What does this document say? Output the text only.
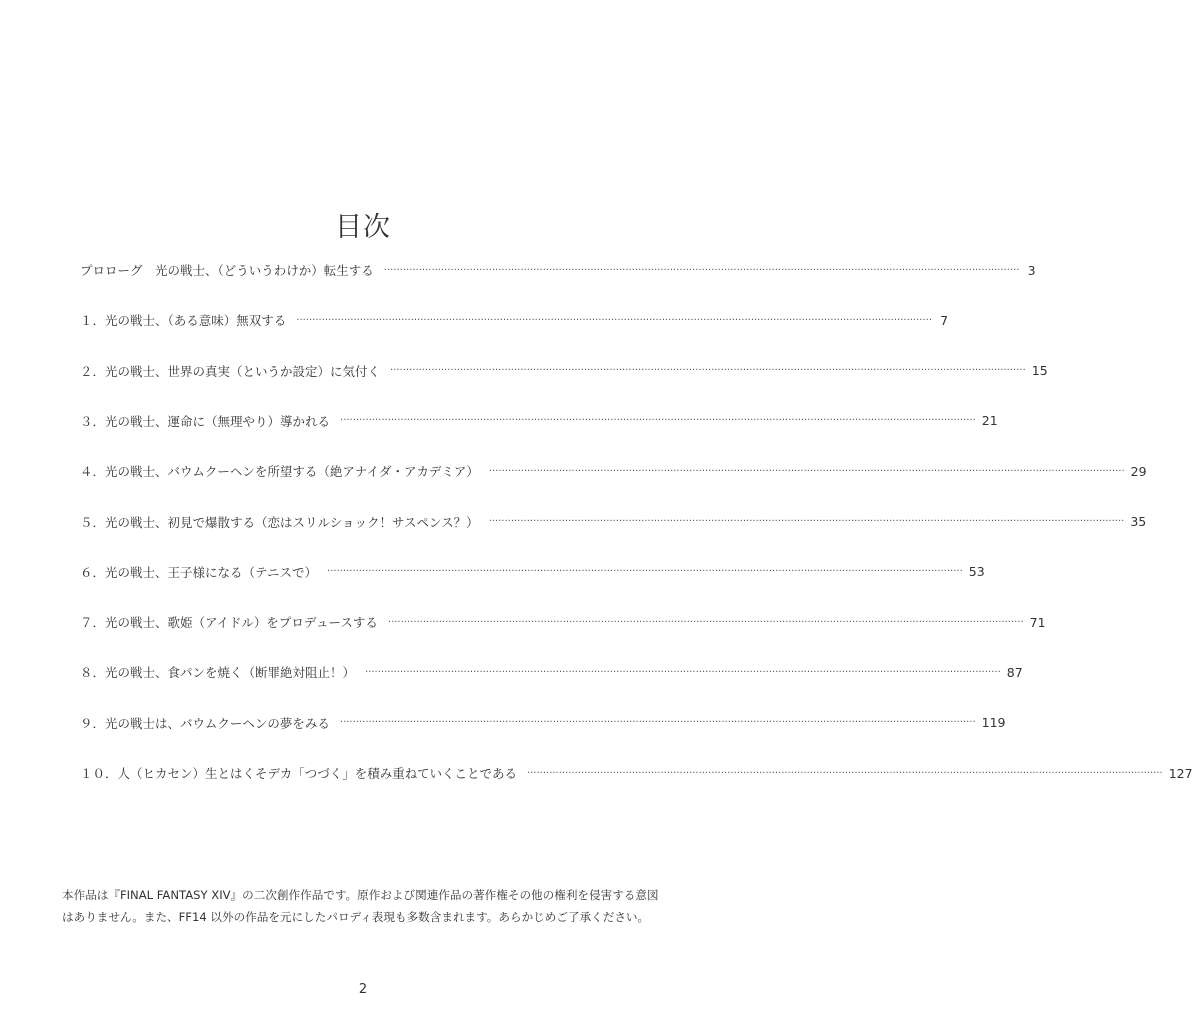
目次
プロローグ　光の戦士、（どういうわけか）転生する ········································································································································································································ 3
１．光の戦士、（ある意味）無双する ········································································································································································································ 7
２．光の戦士、世界の真実（というか設定）に気付く ········································································································································································································ 15
３．光の戦士、運命に（無理やり）導かれる ········································································································································································································ 21
４．光の戦士、バウムクーヘンを所望する（絶アナイダ・アカデミア） ········································································································································································································ 29
５．光の戦士、初見で爆散する（恋はスリルショック！サスペンス？） ········································································································································································································ 35
６．光の戦士、王子様になる（テニスで） ········································································································································································································ 53
７．光の戦士、歌姫（アイドル）をプロデュースする ········································································································································································································ 71
８．光の戦士、食パンを焼く（断罪絶対阻止！） ········································································································································································································ 87
９．光の戦士は、バウムクーヘンの夢をみる ········································································································································································································ 119
１０．人（ヒカセン）生とはくそデカ「つづく」を積み重ねていくことである ········································································································································································································ 127

本作品は『FINAL FANTASY XIV』の二次創作作品です。原作および関連作品の著作権その他の権利を侵害する意図はありません。また、FF14 以外の作品を元にしたパロディ表現も多数含まれます。あらかじめご了承ください。

2
